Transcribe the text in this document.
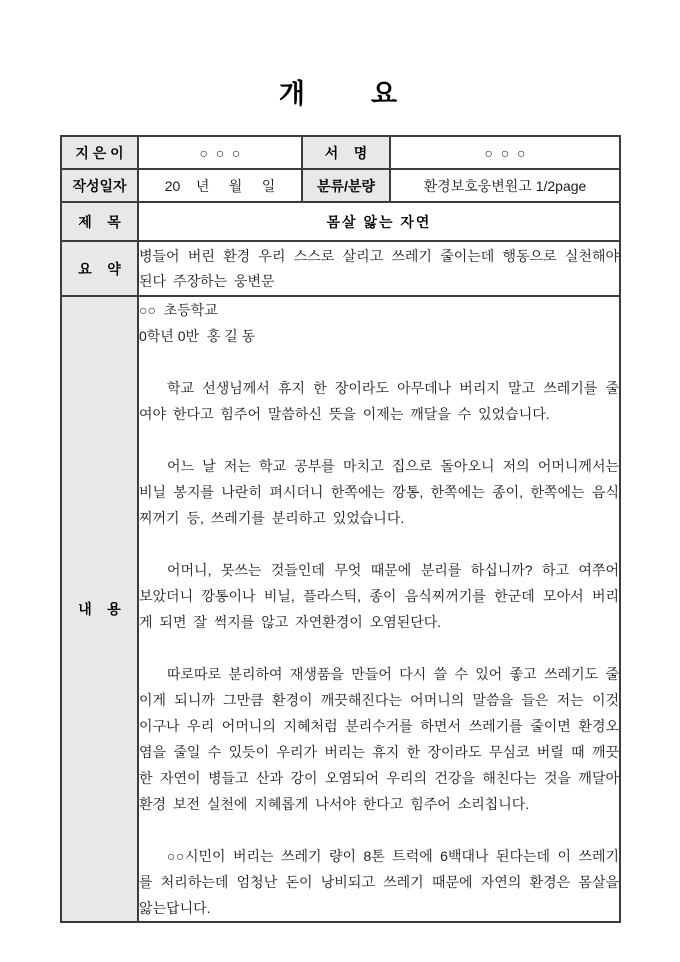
개　　요
지 은 이	○  ○  ○	서    명	○  ○  ○
작성일자	20    년     월     일	분류/분량	환경보호웅변원고 1/2page
제    목	몸살 앓는 자연		
요    약	병들어 버린 환경 우리 스스로 살리고 쓰레기 줄이는데 행동으로 실천해야 된다 주장하는 웅변문		
내    용	
○○  초등학교
0학년 0반  홍 길 동

학교 선생님께서 휴지 한 장이라도 아무데나 버리지 말고 쓰레기를 줄여야 한다고 힘주어 말씀하신 뜻을 이제는 깨달을 수 있었습니다.

어느 날 저는 학교 공부를 마치고 집으로 돌아오니 저의 어머니께서는 비닐 봉지를 나란히 펴시더니 한쪽에는 깡통, 한쪽에는 종이, 한쪽에는 음식 찌꺼기 등, 쓰레기를 분리하고 있었습니다.

어머니, 못쓰는 것들인데 무엇 때문에 분리를 하십니까? 하고 여쭈어 보았더니 깡통이나 비닐, 플라스틱, 종이 음식찌꺼기를 한군데 모아서 버리게 되면 잘 썩지를 않고 자연환경이 오염된단다.

따로따로 분리하여 재생품을 만들어 다시 쓸 수 있어 좋고 쓰레기도 줄이게 되니까 그만큼 환경이 깨끗해진다는 어머니의 말씀을 들은 저는 이것이구나 우리 어머니의 지혜처럼 분리수거를 하면서 쓰레기를 줄이면 환경오염을 줄일 수 있듯이 우리가 버리는 휴지 한 장이라도 무심코 버릴 때 깨끗한 자연이 병들고 산과 강이 오염되어 우리의 건강을 해친다는 것을 깨달아 환경 보전 실천에 지혜롭게 나서야 한다고 힘주어 소리칩니다.

○○시민이 버리는 쓰레기 량이 8톤 트럭에 6백대나 된다는데 이 쓰레기를 처리하는데 엄청난 돈이 낭비되고 쓰레기 때문에 자연의 환경은 몸살을 앓는답니다.
